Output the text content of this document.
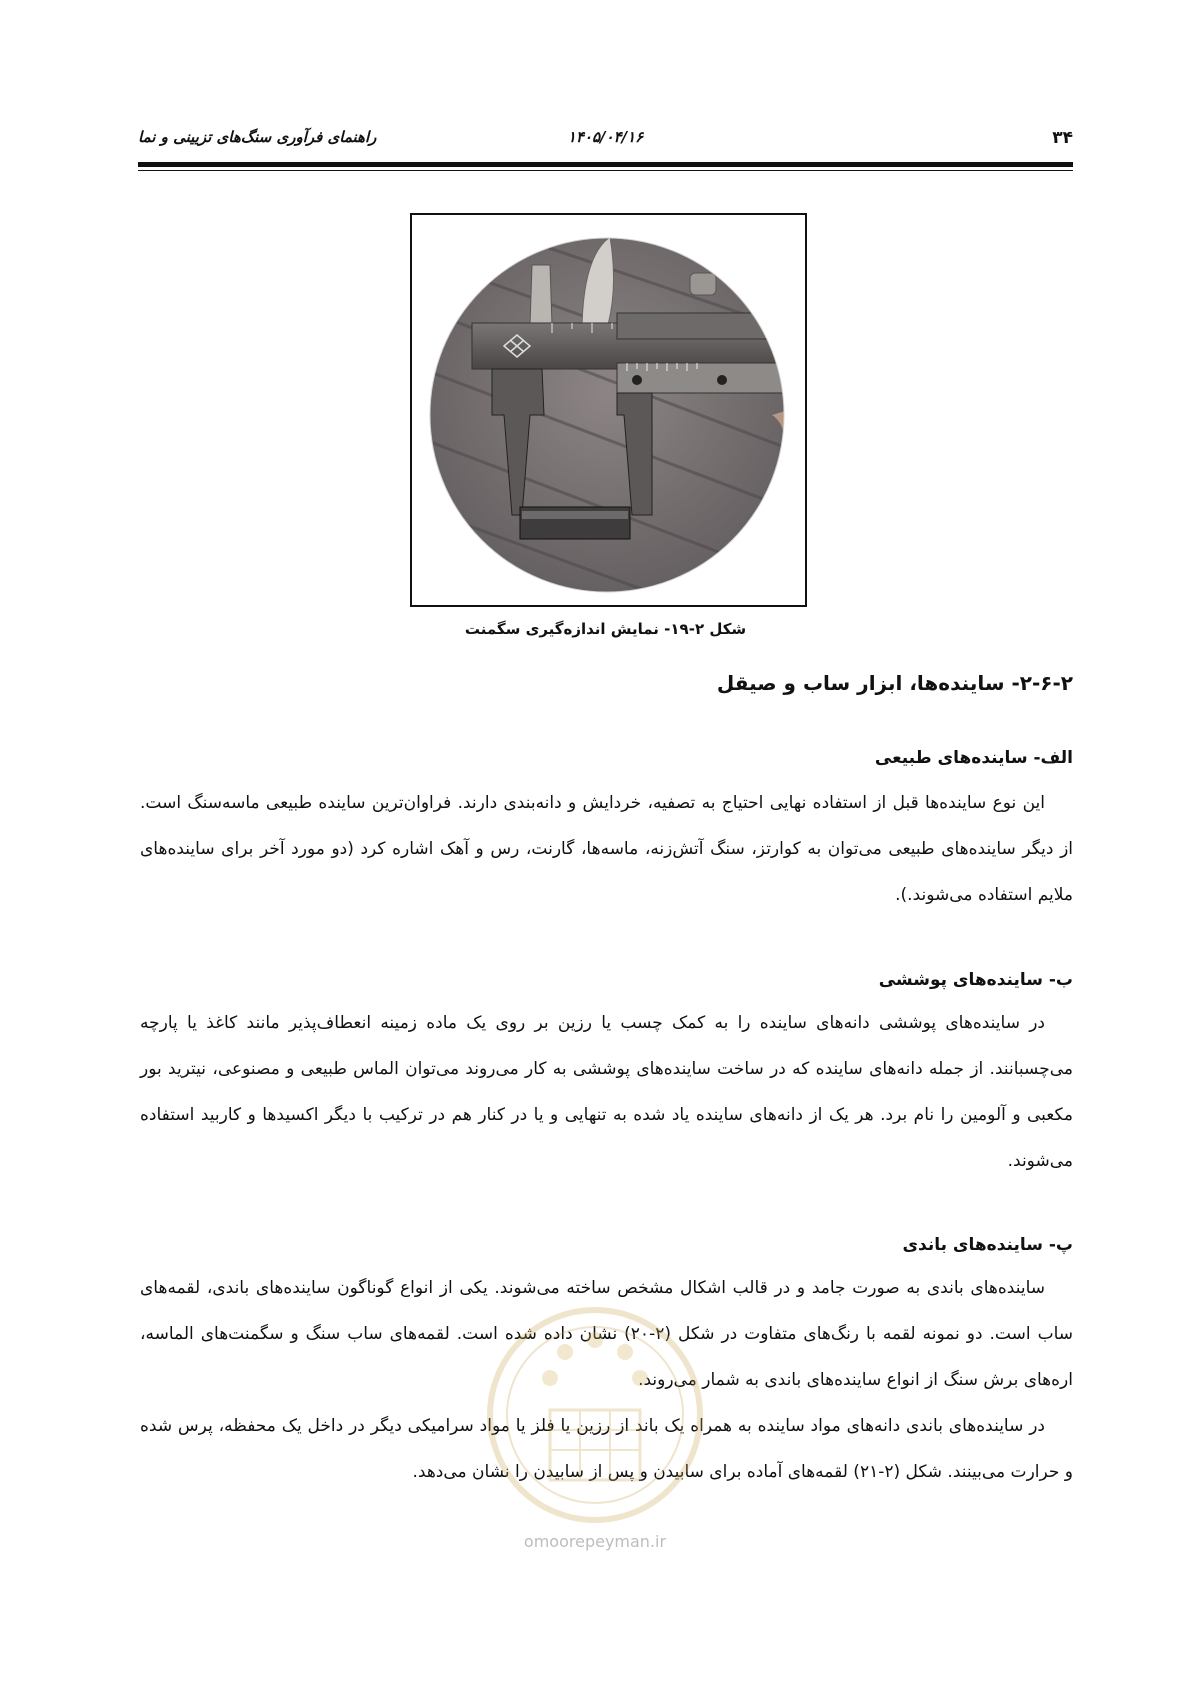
۳۴
۱۴۰۵/۰۴/۱۶
راهنمای فرآوری سنگ‌های تزیینی و نما
شکل ۲-۱۹- نمایش اندازه‌گیری سگمنت
۲-۶-۲- ساینده‌ها، ابزار ساب و صیقل
الف- ساینده‌های طبیعی
این نوع ساینده‌ها قبل از استفاده نهایی احتیاج به تصفیه، خردایش و دانه‌بندی دارند. فراوان‌ترین ساینده طبیعی ماسه‌سنگ است. از دیگر ساینده‌های طبیعی می‌توان به کوارتز، سنگ آتش‌زنه، ماسه‌ها، گارنت، رس و آهک اشاره کرد (دو مورد آخر برای ساینده‌های ملایم استفاده می‌شوند.).
ب- ساینده‌های پوششی
در ساینده‌های پوششی دانه‌های ساینده را به کمک چسب یا رزین بر روی یک ماده زمینه انعطاف‌پذیر مانند کاغذ یا پارچه می‌چسبانند. از جمله دانه‌های ساینده که در ساخت ساینده‌های پوششی به کار می‌روند می‌توان الماس طبیعی و مصنوعی، نیترید بور مکعبی و آلومین را نام برد. هر یک از دانه‌های ساینده یاد شده به تنهایی و یا در کنار هم در ترکیب با دیگر اکسیدها و کاربید استفاده می‌شوند.
پ- ساینده‌های باندی
ساینده‌های باندی به صورت جامد و در قالب اشکال مشخص ساخته می‌شوند. یکی از انواع گوناگون ساینده‌های باندی، لقمه‌های ساب است. دو نمونه لقمه با رنگ‌های متفاوت در شکل (۲-۲۰) نشان داده شده است. لقمه‌های ساب سنگ و سگمنت‌های الماسه، اره‌های برش سنگ از انواع ساینده‌های باندی به شمار می‌روند.
در ساینده‌های باندی دانه‌های مواد ساینده به همراه یک باند از رزین یا فلز یا مواد سرامیکی دیگر در داخل یک محفظه، پرس شده و حرارت می‌بینند. شکل (۲-۲۱) لقمه‌های آماده برای سابیدن و پس از سابیدن را نشان می‌دهد.
omoorepeyman.ir
